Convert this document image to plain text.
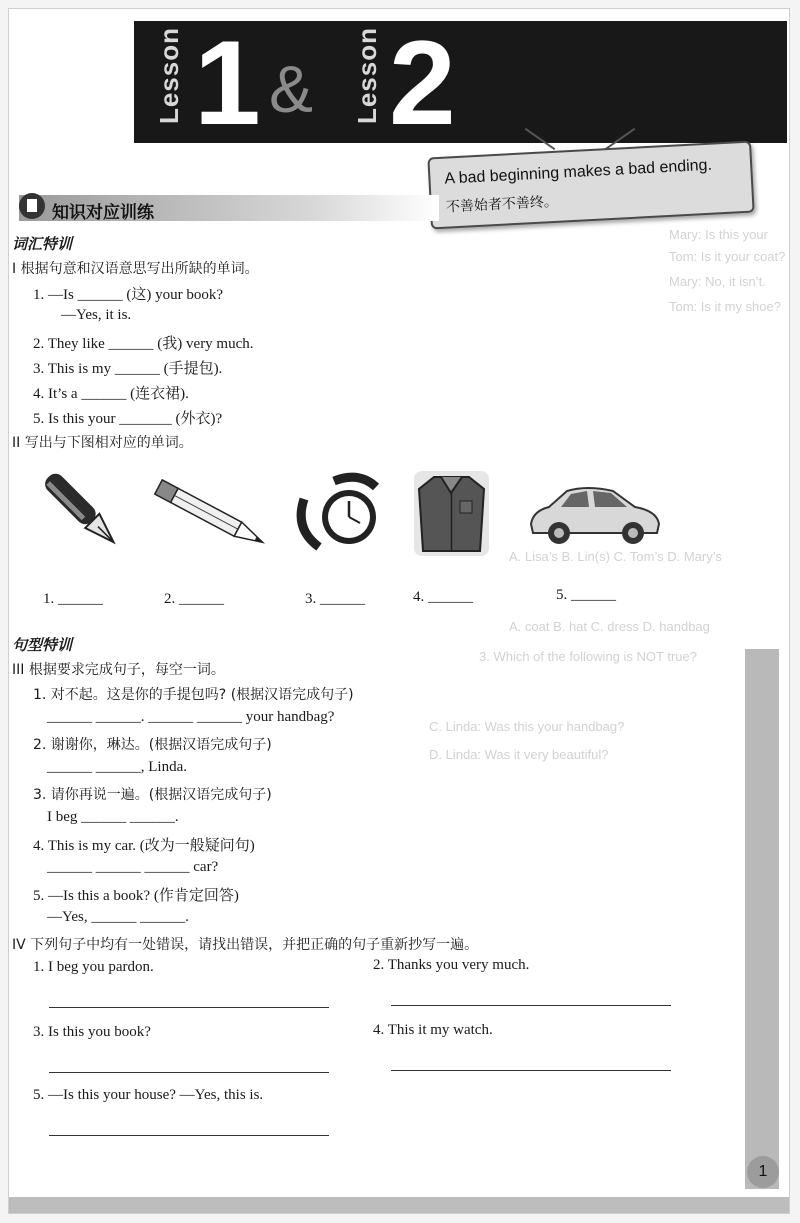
Mary: Is this your
Tom: Is it your coat?
Mary: No, it isn’t.
Tom: Is it my shoe?
A. Lisa’s B. Lin(s) C. Tom’s D. Mary’s
A. coat B. hat C. dress D. handbag
3. Which of the following is NOT true?
C. Linda: Was this your handbag?
D. Linda: Was it very beautiful?
Lesson 1 & Lesson 2
A bad beginning makes a bad ending.
不善始者不善终。
知识对应训练
词汇特训
I 根据句意和汉语意思写出所缺的单词。
1. —Is ______ (这) your book?
—Yes, it is.
2. They like ______ (我) very much.
3. This is my ______ (手提包).
4. It’s a ______ (连衣裙).
5. Is this your _______ (外衣)?
II 写出与下图相对应的单词。
1. ______	2. ______	3. ______	4. ______	5. ______
句型特训
III 根据要求完成句子，每空一词。
1. 对不起。这是你的手提包吗? (根据汉语完成句子)
______ ______. ______ ______ your handbag?
2. 谢谢你，琳达。(根据汉语完成句子)
______ ______, Linda.
3. 请你再说一遍。(根据汉语完成句子)
I beg ______ ______.
4. This is my car. (改为一般疑问句)
______ ______ ______ car?
5. —Is this a book? (作肯定回答)
—Yes, ______ ______.
IV 下列句子中均有一处错误，请找出错误，并把正确的句子重新抄写一遍。
1. I beg you pardon.	2. Thanks you very much.
3. Is this you book?	4. This it my watch.
5. —Is this your house? —Yes, this is.
1
